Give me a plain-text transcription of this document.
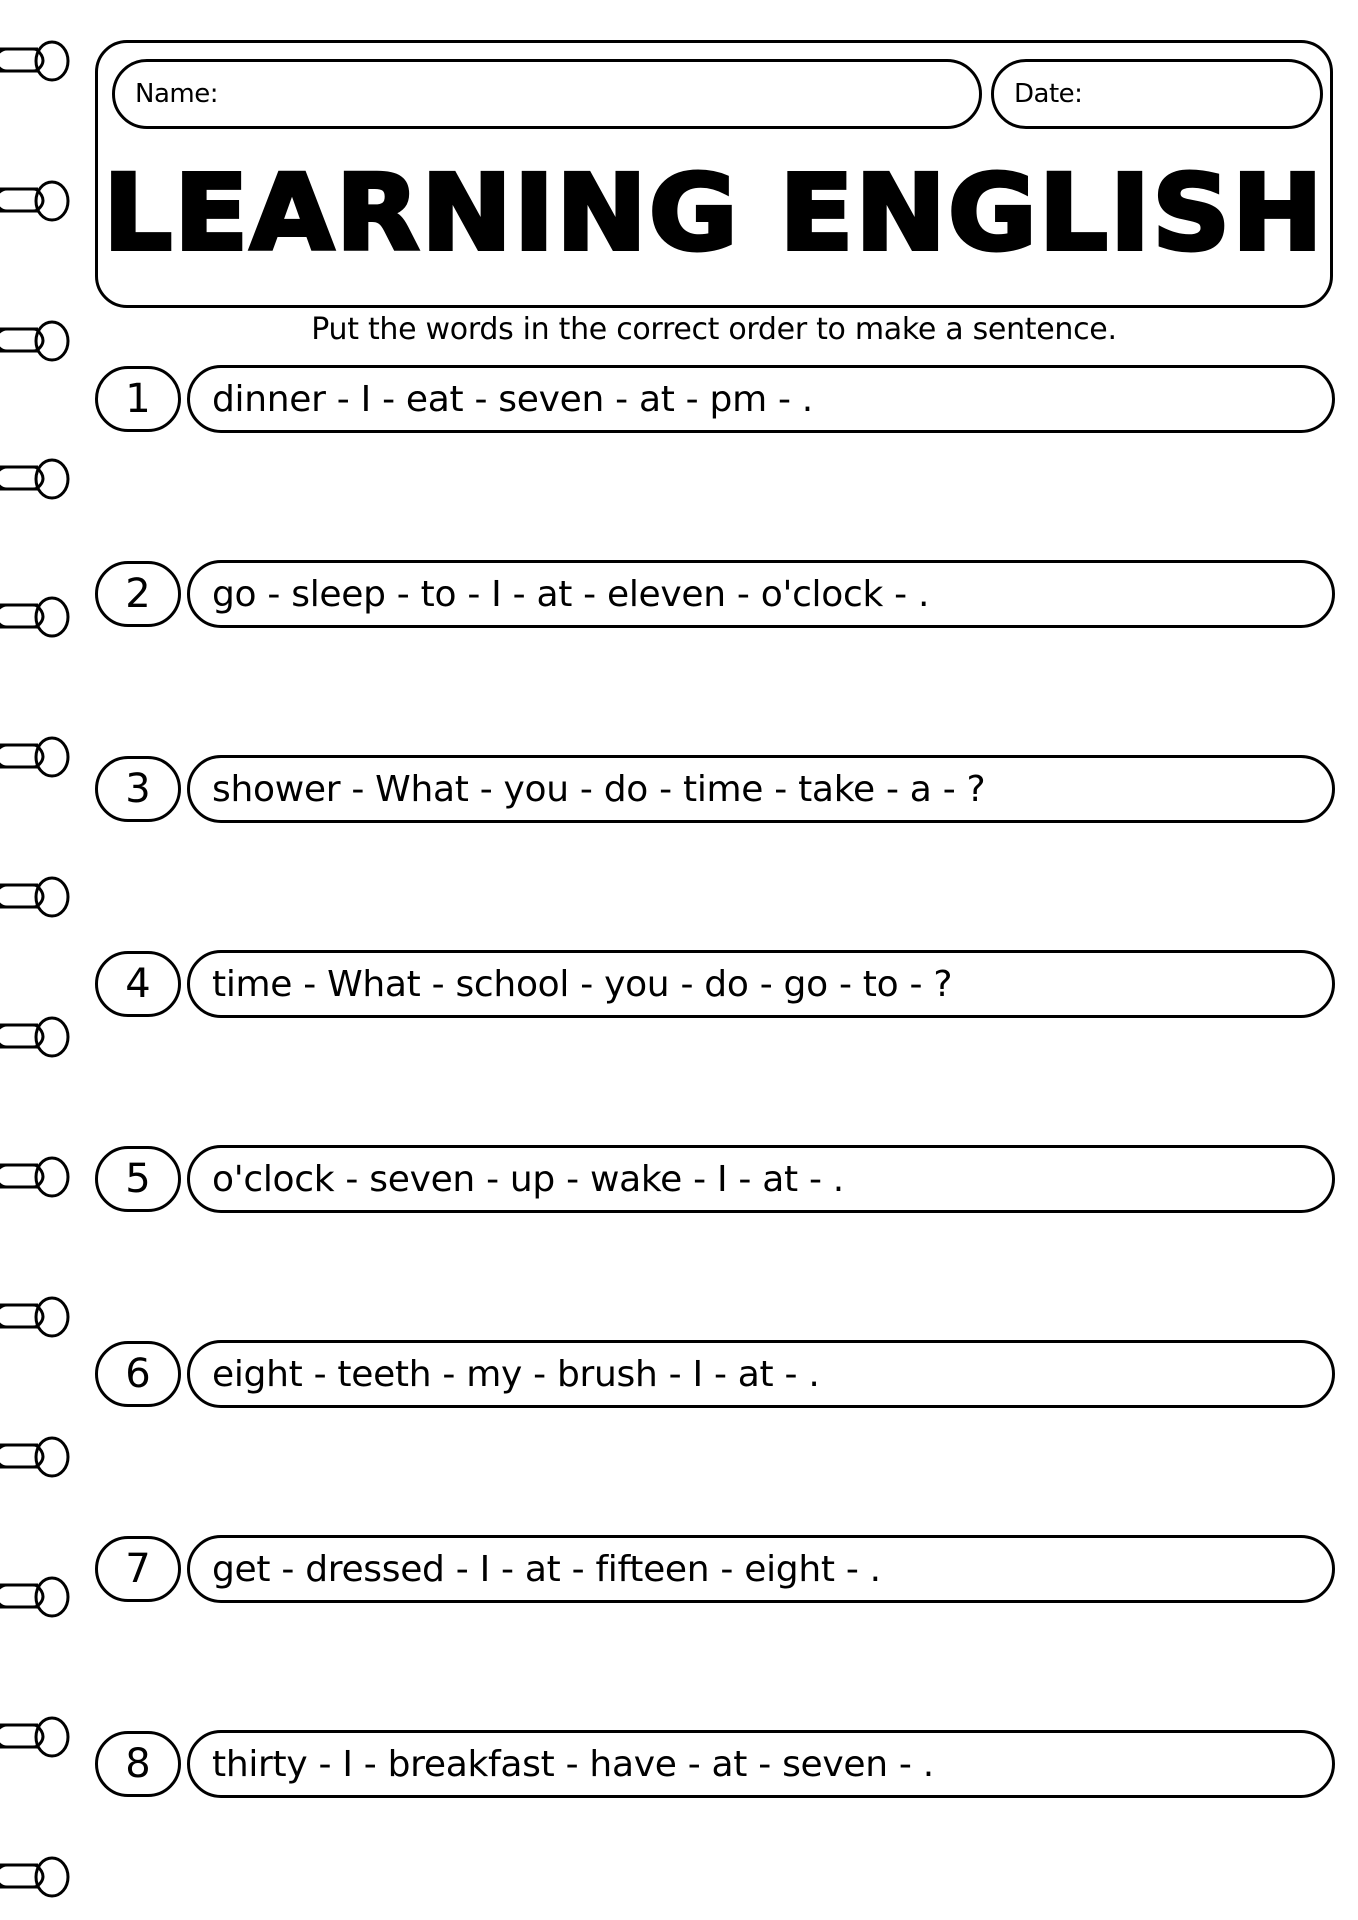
Name:	Date:
LEARNING ENGLISH
Put the words in the correct order to make a sentence.
1	dinner - I - eat - seven - at - pm - .
2	go - sleep - to - I - at - eleven - o'clock - .
3	shower - What - you - do - time - take - a - ?
4	time - What - school - you - do - go - to - ?
5	o'clock - seven - up - wake - I - at - .
6	eight - teeth - my - brush - I - at - .
7	get - dressed - I - at - fifteen - eight - .
8	thirty - I - breakfast - have - at - seven - .
